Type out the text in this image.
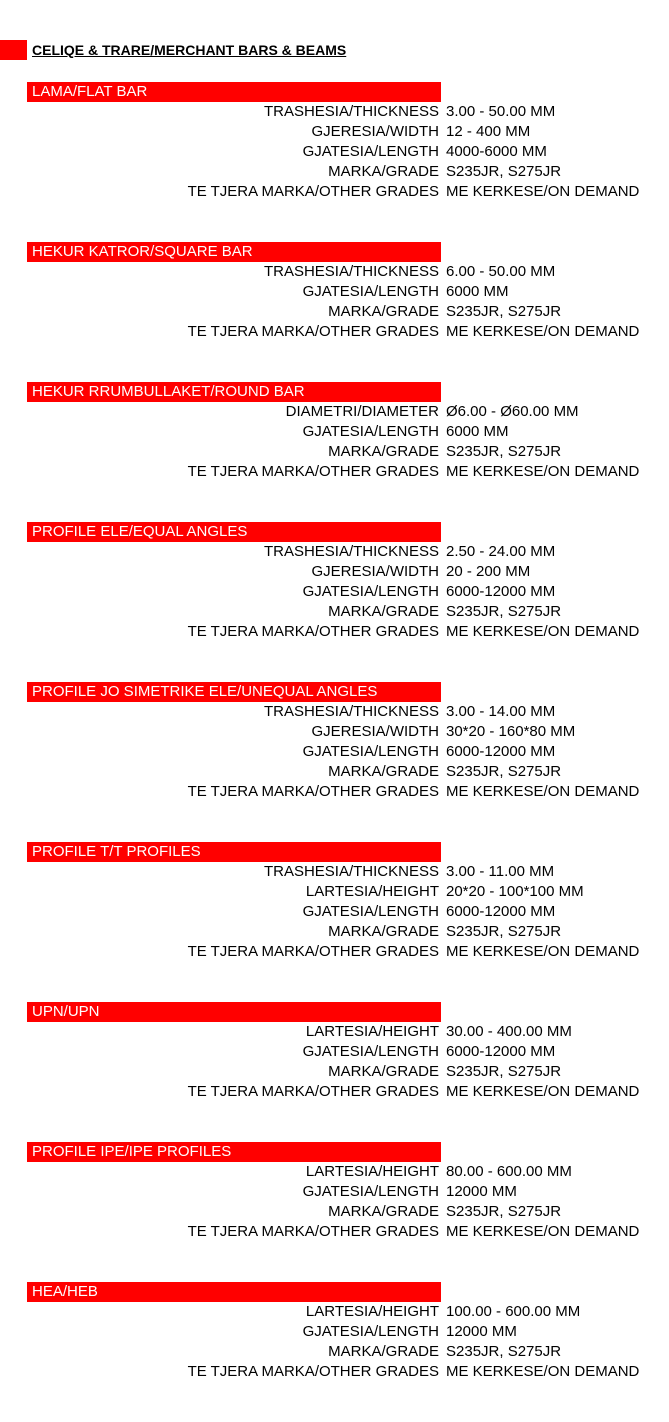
CELIQE & TRARE/MERCHANT BARS & BEAMS
LAMA/FLAT BAR
TRASHESIA/THICKNESS 3.00 - 50.00 MM
GJERESIA/WIDTH 12 - 400 MM
GJATESIA/LENGTH 4000-6000 MM
MARKA/GRADE S235JR, S275JR
TE TJERA MARKA/OTHER GRADES ME KERKESE/ON DEMAND
HEKUR KATROR/SQUARE BAR
TRASHESIA/THICKNESS 6.00 - 50.00 MM
GJATESIA/LENGTH 6000 MM
MARKA/GRADE S235JR, S275JR
TE TJERA MARKA/OTHER GRADES ME KERKESE/ON DEMAND
HEKUR RRUMBULLAKET/ROUND BAR
DIAMETRI/DIAMETER Ø6.00 - Ø60.00 MM
GJATESIA/LENGTH 6000 MM
MARKA/GRADE S235JR, S275JR
TE TJERA MARKA/OTHER GRADES ME KERKESE/ON DEMAND
PROFILE ELE/EQUAL ANGLES
TRASHESIA/THICKNESS 2.50 - 24.00 MM
GJERESIA/WIDTH 20 - 200 MM
GJATESIA/LENGTH 6000-12000 MM
MARKA/GRADE S235JR, S275JR
TE TJERA MARKA/OTHER GRADES ME KERKESE/ON DEMAND
PROFILE JO SIMETRIKE ELE/UNEQUAL ANGLES
TRASHESIA/THICKNESS 3.00 - 14.00 MM
GJERESIA/WIDTH 30*20 - 160*80 MM
GJATESIA/LENGTH 6000-12000 MM
MARKA/GRADE S235JR, S275JR
TE TJERA MARKA/OTHER GRADES ME KERKESE/ON DEMAND
PROFILE T/T PROFILES
TRASHESIA/THICKNESS 3.00 - 11.00 MM
LARTESIA/HEIGHT 20*20 - 100*100 MM
GJATESIA/LENGTH 6000-12000 MM
MARKA/GRADE S235JR, S275JR
TE TJERA MARKA/OTHER GRADES ME KERKESE/ON DEMAND
UPN/UPN
LARTESIA/HEIGHT 30.00 - 400.00 MM
GJATESIA/LENGTH 6000-12000 MM
MARKA/GRADE S235JR, S275JR
TE TJERA MARKA/OTHER GRADES ME KERKESE/ON DEMAND
PROFILE IPE/IPE PROFILES
LARTESIA/HEIGHT 80.00 - 600.00 MM
GJATESIA/LENGTH 12000 MM
MARKA/GRADE S235JR, S275JR
TE TJERA MARKA/OTHER GRADES ME KERKESE/ON DEMAND
HEA/HEB
LARTESIA/HEIGHT 100.00 - 600.00 MM
GJATESIA/LENGTH 12000 MM
MARKA/GRADE S235JR, S275JR
TE TJERA MARKA/OTHER GRADES ME KERKESE/ON DEMAND
